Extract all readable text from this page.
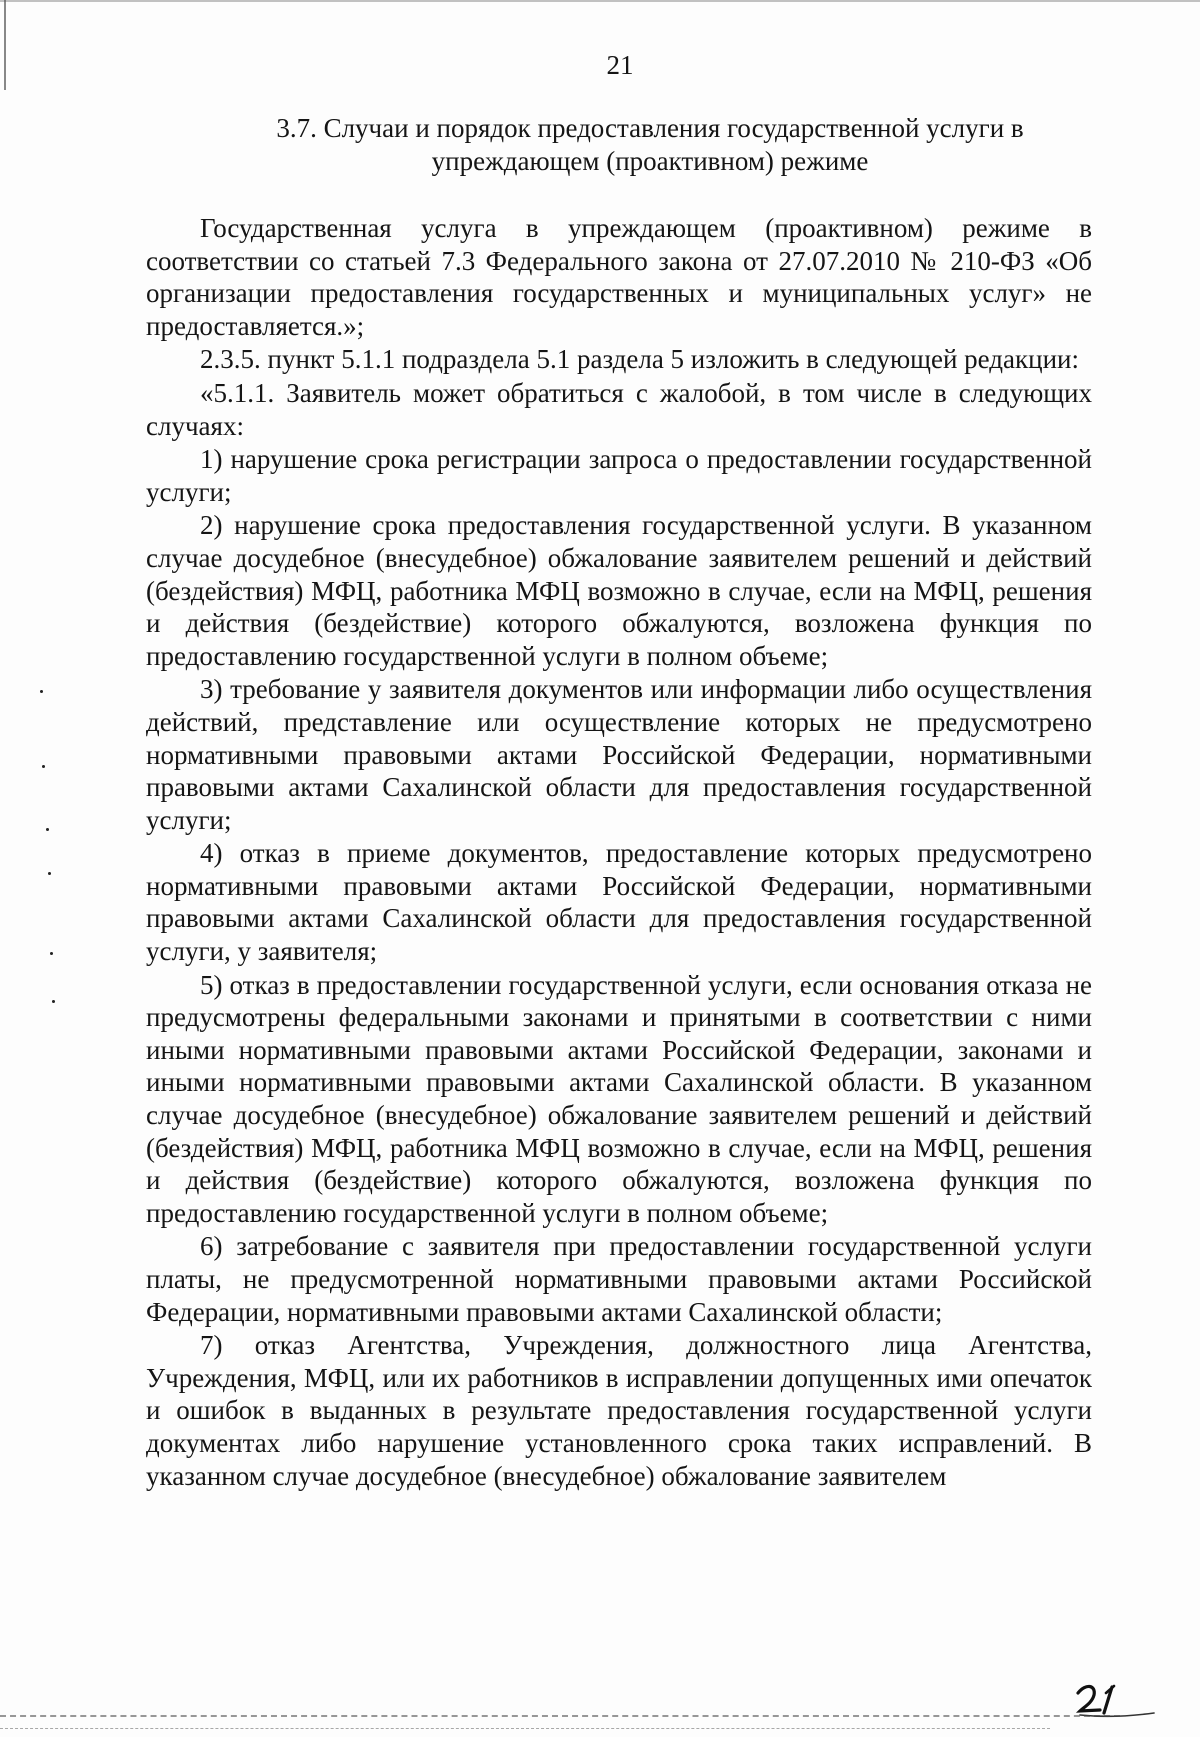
21
3.7. Случаи и порядок предоставления государственной услуги в
упреждающем (проактивном) режиме

Государственная услуга в упреждающем (проактивном) режиме в соответствии со статьей 7.3 Федерального закона от 27.07.2010 № 210-ФЗ «Об организации предоставления государственных и муниципальных услуг» не предоставляется.»;

2.3.5. пункт 5.1.1 подраздела 5.1 раздела 5 изложить в следующей редакции:

«5.1.1. Заявитель может обратиться с жалобой, в том числе в следующих случаях:

1) нарушение срока регистрации запроса о предоставлении государственной услуги;

2) нарушение срока предоставления государственной услуги. В указанном случае досудебное (внесудебное) обжалование заявителем решений и действий (бездействия) МФЦ, работника МФЦ возможно в случае, если на МФЦ, решения и действия (бездействие) которого обжалуются, возложена функция по предоставлению государственной услуги в полном объеме;

3) требование у заявителя документов или информации либо осуществления действий, представление или осуществление которых не предусмотрено нормативными правовыми актами Российской Федерации, нормативными правовыми актами Сахалинской области для предоставления государственной услуги;

4) отказ в приеме документов, предоставление которых предусмотрено нормативными правовыми актами Российской Федерации, нормативными правовыми актами Сахалинской области для предоставления государственной услуги, у заявителя;

5) отказ в предоставлении государственной услуги, если основания отказа не предусмотрены федеральными законами и принятыми в соответствии с ними иными нормативными правовыми актами Российской Федерации, законами и иными нормативными правовыми актами Сахалинской области. В указанном случае досудебное (внесудебное) обжалование заявителем решений и действий (бездействия) МФЦ, работника МФЦ возможно в случае, если на МФЦ, решения и действия (бездействие) которого обжалуются, возложена функция по предоставлению государственной услуги в полном объеме;

6) затребование с заявителя при предоставлении государственной услуги платы, не предусмотренной нормативными правовыми актами Российской Федерации, нормативными правовыми актами Сахалинской области;

7) отказ Агентства, Учреждения, должностного лица Агентства, Учреждения, МФЦ, или их работников в исправлении допущенных ими опечаток и ошибок в выданных в результате предоставления государственной услуги документах либо нарушение установленного срока таких исправлений. В указанном случае досудебное (внесудебное) обжалование заявителем
